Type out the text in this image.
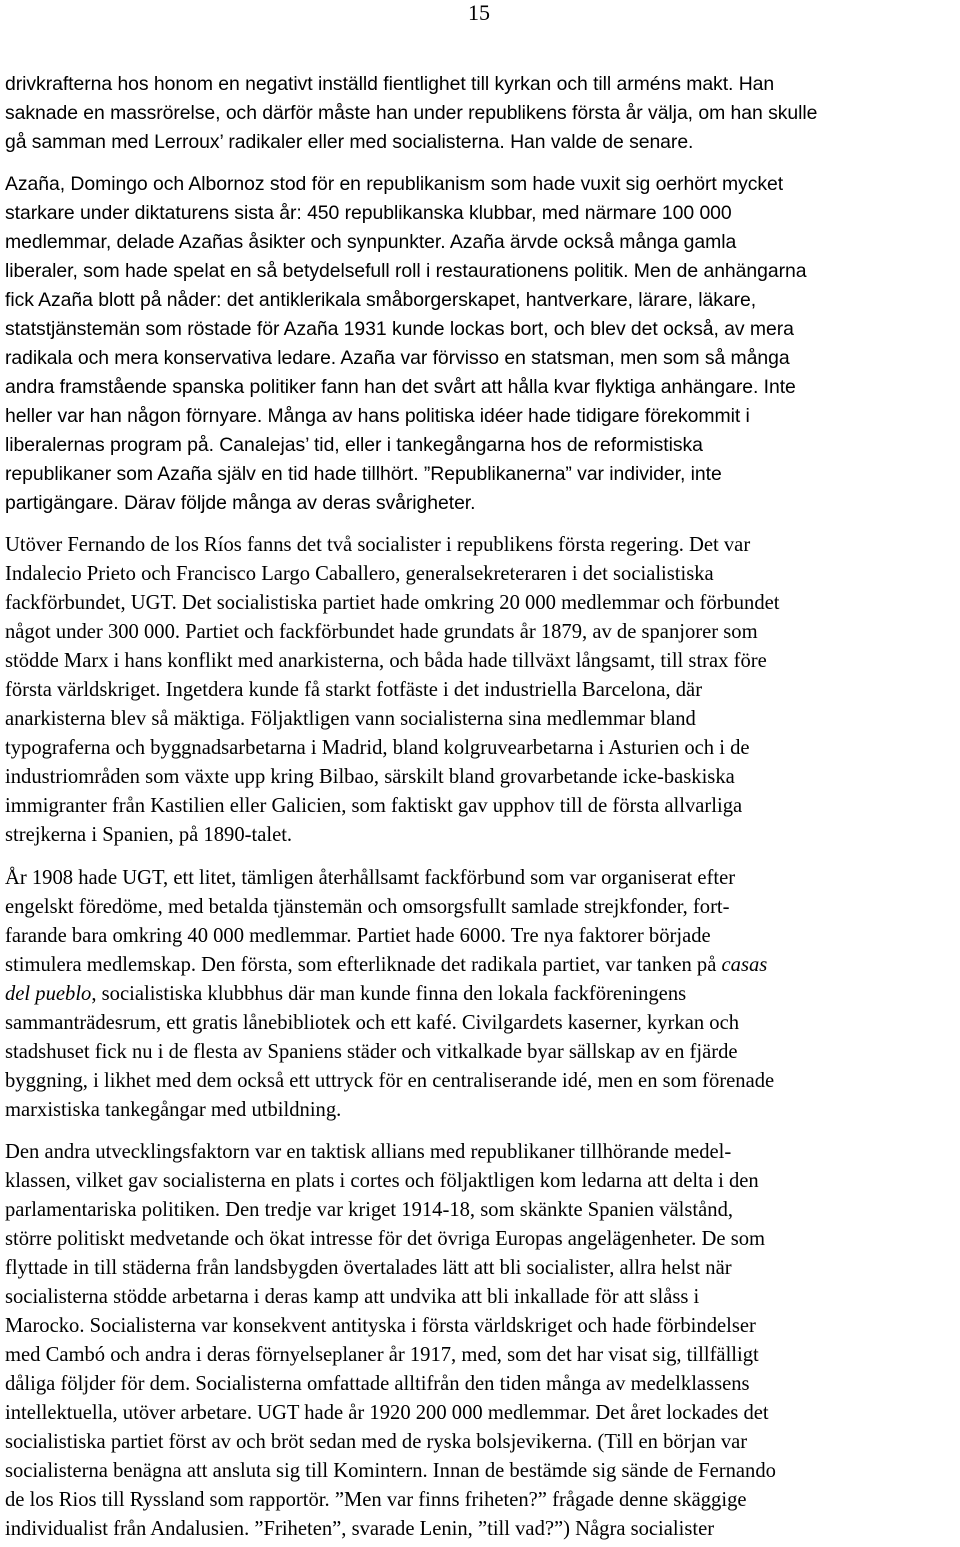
15
drivkrafterna hos honom en negativt inställd fientlighet till kyrkan och till arméns makt. Han
saknade en massrörelse, och därför måste han under republikens första år välja, om han skulle
gå samman med Lerroux’ radikaler eller med socialisterna. Han valde de senare.
Azaña, Domingo och Albornoz stod för en republikanism som hade vuxit sig oerhört mycket
starkare under diktaturens sista år: 450 republikanska klubbar, med närmare 100 000
medlemmar, delade Azañas åsikter och synpunkter. Azaña ärvde också många gamla
liberaler, som hade spelat en så betydelsefull roll i restaurationens politik. Men de anhängarna
fick Azaña blott på nåder: det antiklerikala småborgerskapet, hantverkare, lärare, läkare,
statstjänstemän som röstade för Azaña 1931 kunde lockas bort, och blev det också, av mera
radikala och mera konservativa ledare. Azaña var förvisso en statsman, men som så många
andra framstående spanska politiker fann han det svårt att hålla kvar flyktiga anhängare. Inte
heller var han någon förnyare. Många av hans politiska idéer hade tidigare förekommit i
liberalernas program på. Canalejas’ tid, eller i tankegångarna hos de reformistiska
republikaner som Azaña själv en tid hade tillhört. ”Republikanerna” var individer, inte
partigängare. Därav följde många av deras svårigheter.
Utöver Fernando de los Ríos fanns det två socialister i republikens första regering. Det var
Indalecio Prieto och Francisco Largo Caballero, generalsekreteraren i det socialistiska
fackförbundet, UGT. Det socialistiska partiet hade omkring 20 000 medlemmar och förbundet
något under 300 000. Partiet och fackförbundet hade grundats år 1879, av de spanjorer som
stödde Marx i hans konflikt med anarkisterna, och båda hade tillväxt långsamt, till strax före
första världskriget. Ingetdera kunde få starkt fotfäste i det industriella Barcelona, där
anarkisterna blev så mäktiga. Följaktligen vann socialisterna sina medlemmar bland
typograferna och byggnadsarbetarna i Madrid, bland kolgruvearbetarna i Asturien och i de
industriområden som växte upp kring Bilbao, särskilt bland grovarbetande icke-baskiska
immigranter från Kastilien eller Galicien, som faktiskt gav upphov till de första allvarliga
strejkerna i Spanien, på 1890-talet.
År 1908 hade UGT, ett litet, tämligen återhållsamt fackförbund som var organiserat efter
engelskt föredöme, med betalda tjänstemän och omsorgsfullt samlade strejkfonder, fort-
farande bara omkring 40 000 medlemmar. Partiet hade 6000. Tre nya faktorer började
stimulera medlemskap. Den första, som efterliknade det radikala partiet, var tanken på casas
del pueblo, socialistiska klubbhus där man kunde finna den lokala fackföreningens
sammanträdesrum, ett gratis lånebibliotek och ett kafé. Civilgardets kaserner, kyrkan och
stadshuset fick nu i de flesta av Spaniens städer och vitkalkade byar sällskap av en fjärde
byggning, i likhet med dem också ett uttryck för en centraliserande idé, men en som förenade
marxistiska tankegångar med utbildning.
Den andra utvecklingsfaktorn var en taktisk allians med republikaner tillhörande medel-
klassen, vilket gav socialisterna en plats i cortes och följaktligen kom ledarna att delta i den
parlamentariska politiken. Den tredje var kriget 1914-18, som skänkte Spanien välstånd,
större politiskt medvetande och ökat intresse för det övriga Europas angelägenheter. De som
flyttade in till städerna från landsbygden övertalades lätt att bli socialister, allra helst när
socialisterna stödde arbetarna i deras kamp att undvika att bli inkallade för att slåss i
Marocko. Socialisterna var konsekvent antityska i första världskriget och hade förbindelser
med Cambó och andra i deras förnyelseplaner år 1917, med, som det har visat sig, tillfälligt
dåliga följder för dem. Socialisterna omfattade alltifrån den tiden många av medelklassens
intellektuella, utöver arbetare. UGT hade år 1920 200 000 medlemmar. Det året lockades det
socialistiska partiet först av och bröt sedan med de ryska bolsjevikerna. (Till en början var
socialisterna benägna att ansluta sig till Komintern. Innan de bestämde sig sände de Fernando
de los Rios till Ryssland som rapportör. ”Men var finns friheten?” frågade denne skäggige
individualist från Andalusien. ”Friheten”, svarade Lenin, ”till vad?”) Några socialister
